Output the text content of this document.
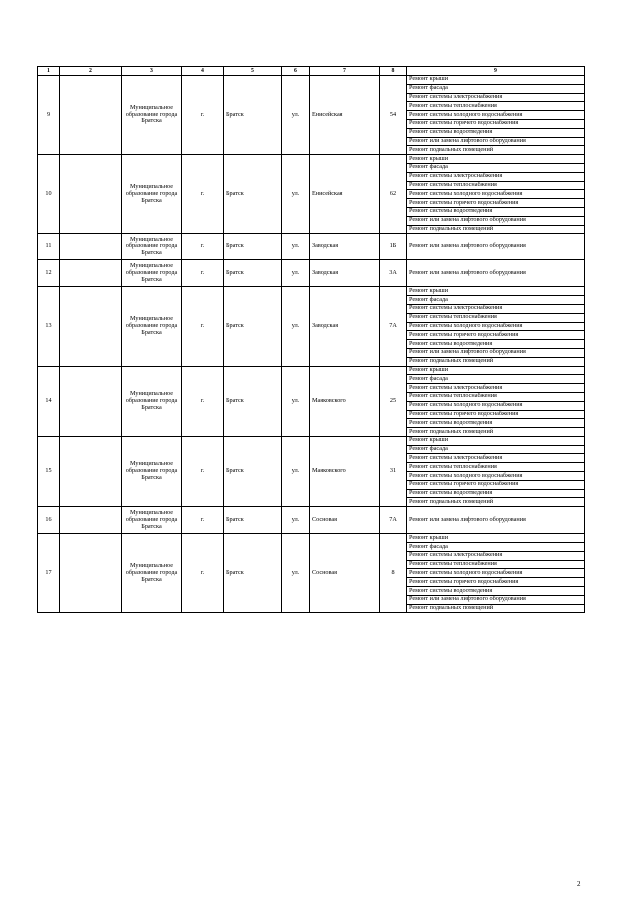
1	2	3	4	5	6	7	8	9
9		Муниципальное образование города Братска	г.	Братск	ул.	Енисейская	54	Ремонт крыши
								Ремонт фасада
								Ремонт системы электроснабжения
								Ремонт системы теплоснабжения
								Ремонт системы холодного водоснабжения
								Ремонт системы горячего водоснабжения
								Ремонт системы водоотведения
								Ремонт или замена лифтового оборудования
								Ремонт подвальных помещений
10		Муниципальное образование города Братска	г.	Братск	ул.	Енисейская	62	Ремонт крыши
								Ремонт фасада
								Ремонт системы электроснабжения
								Ремонт системы теплоснабжения
								Ремонт системы холодного водоснабжения
								Ремонт системы горячего водоснабжения
								Ремонт системы водоотведения
								Ремонт или замена лифтового оборудования
								Ремонт подвальных помещений
11		Муниципальное образование города Братска	г.	Братск	ул.	Заводская	1Б	Ремонт или замена лифтового оборудования
12		Муниципальное образование города Братска	г.	Братск	ул.	Заводская	3А	Ремонт или замена лифтового оборудования
13		Муниципальное образование города Братска	г.	Братск	ул.	Заводская	7А	Ремонт крыши
								Ремонт фасада
								Ремонт системы электроснабжения
								Ремонт системы теплоснабжения
								Ремонт системы холодного водоснабжения
								Ремонт системы горячего водоснабжения
								Ремонт системы водоотведения
								Ремонт или замена лифтового оборудования
								Ремонт подвальных помещений
14		Муниципальное образование города Братска	г.	Братск	ул.	Маяковского	25	Ремонт крыши
								Ремонт фасада
								Ремонт системы электроснабжения
								Ремонт системы теплоснабжения
								Ремонт системы холодного водоснабжения
								Ремонт системы горячего водоснабжения
								Ремонт системы водоотведения
								Ремонт подвальных помещений
15		Муниципальное образование города Братска	г.	Братск	ул.	Маяковского	31	Ремонт крыши
								Ремонт фасада
								Ремонт системы электроснабжения
								Ремонт системы теплоснабжения
								Ремонт системы холодного водоснабжения
								Ремонт системы горячего водоснабжения
								Ремонт системы водоотведения
								Ремонт подвальных помещений
16		Муниципальное образование города Братска	г.	Братск	ул.	Сосновая	7А	Ремонт или замена лифтового оборудования
17		Муниципальное образование города Братска	г.	Братск	ул.	Сосновая	8	Ремонт крыши
								Ремонт фасада
								Ремонт системы электроснабжения
								Ремонт системы теплоснабжения
								Ремонт системы холодного водоснабжения
								Ремонт системы горячего водоснабжения
								Ремонт системы водоотведения
								Ремонт или замена лифтового оборудования
								Ремонт подвальных помещений
2
